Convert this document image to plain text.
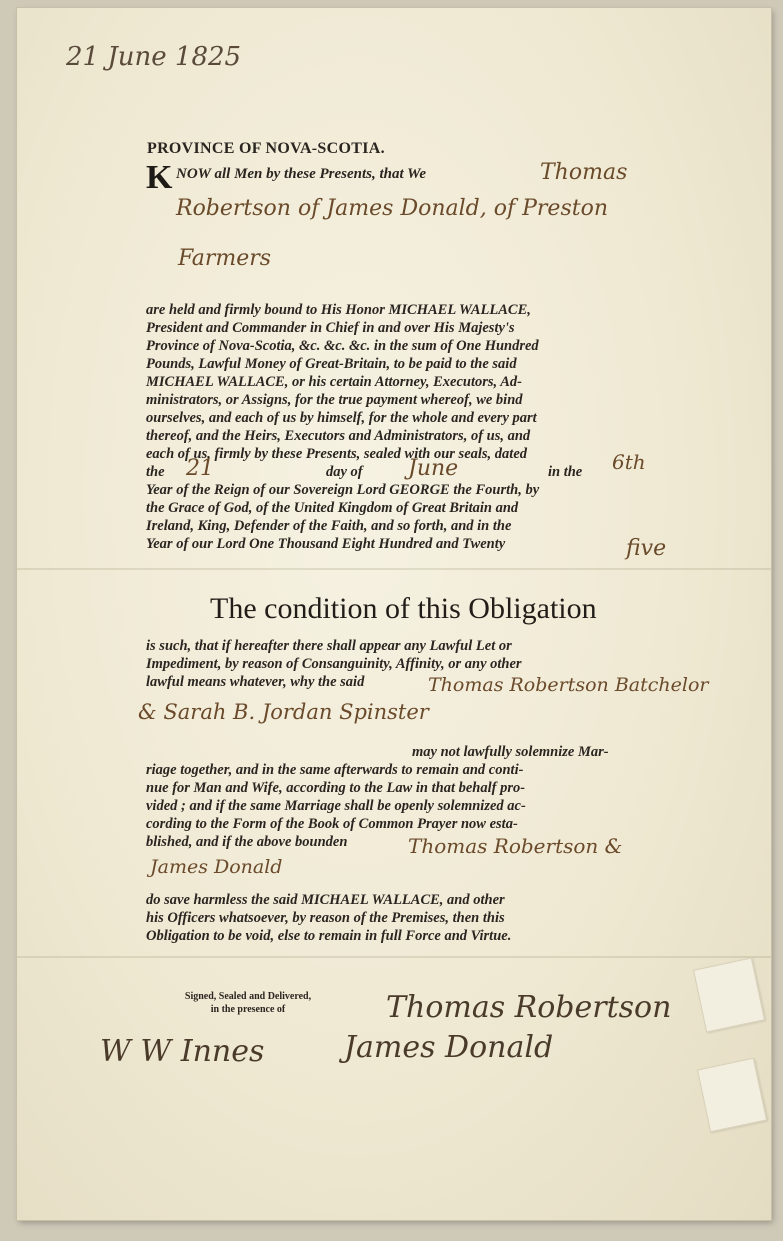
21 June 1825
PROVINCE OF NOVA-SCOTIA.
K NOW all Men by these Presents, that We	Thomas
Robertson of James Donald, of Preston
Farmers
are held and firmly bound to His Honor MICHAEL WALLACE,
President and Commander in Chief in and over His Majesty's
Province of Nova-Scotia, &c. &c. &c. in the sum of One Hundred
Pounds, Lawful Money of Great-Britain, to be paid to the said
MICHAEL WALLACE, or his certain Attorney, Executors, Ad-
ministrators, or Assigns, for the true payment whereof, we bind
ourselves, and each of us by himself, for the whole and every part
thereof, and the Heirs, Executors and Administrators, of us, and
each of us, firmly by these Presents, sealed with our seals, dated
the 21	day of June	in the 6th
Year of the Reign of our Sovereign Lord GEORGE the Fourth, by
the Grace of God, of the United Kingdom of Great Britain and
Ireland, King, Defender of the Faith, and so forth, and in the
Year of our Lord One Thousand Eight Hundred and Twenty	five
The condition of this Obligation
is such, that if hereafter there shall appear any Lawful Let or
Impediment, by reason of Consanguinity, Affinity, or any other
lawful means whatever, why the said	Thomas Robertson Batchelor
& Sarah B. Jordan Spinster
may not lawfully solemnize Mar-
riage together, and in the same afterwards to remain and conti-
nue for Man and Wife, according to the Law in that behalf pro-
vided ; and if the same Marriage shall be openly solemnized ac-
cording to the Form of the Book of Common Prayer now esta-
blished, and if the above bounden	Thomas Robertson &
James Donald
do save harmless the said MICHAEL WALLACE, and other
his Officers whatsoever, by reason of the Premises, then this
Obligation to be void, else to remain in full Force and Virtue.
Signed, Sealed and Delivered,
in the presence of	Thomas Robertson
James Donald
W W Innes
